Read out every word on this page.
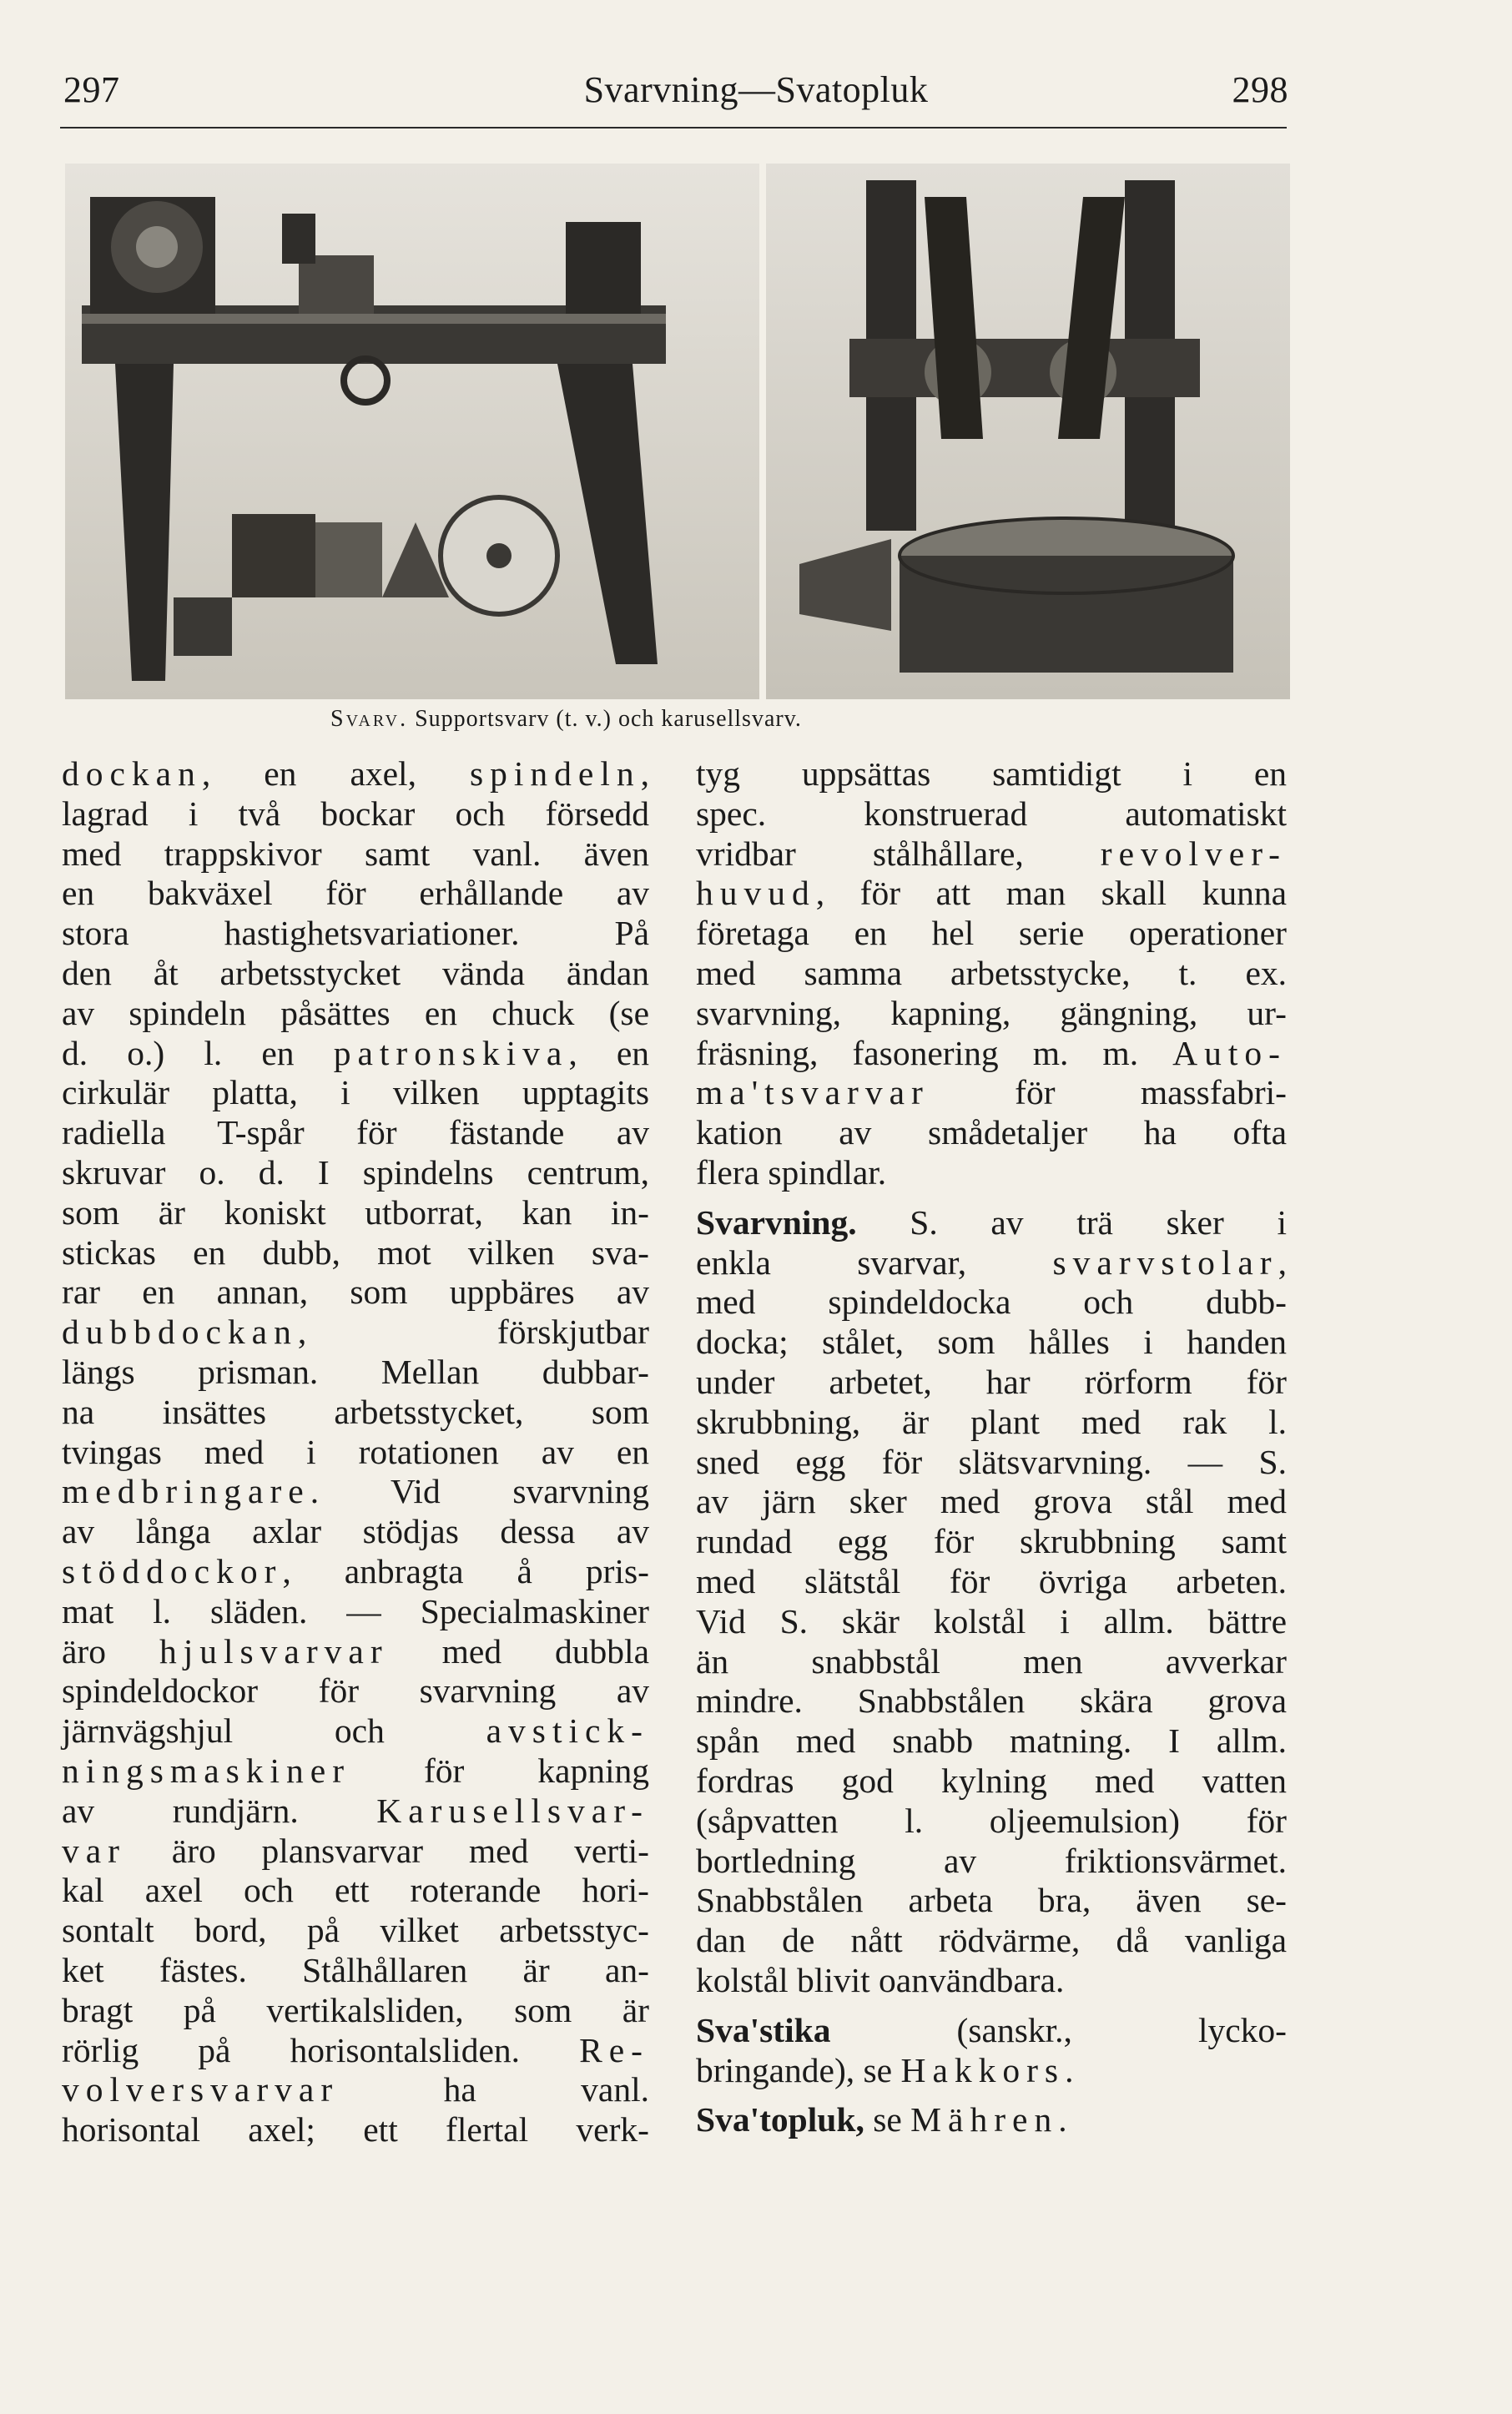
297	Svarvning—Svatopluk	298
Svarv. Supportsvarv (t. v.) och karusellsvarv.
dockan, en axel, spindeln,
lagrad i två bockar och försedd
med trappskivor samt vanl. även
en bakväxel för erhållande av
stora hastighetsvariationer. På
den åt arbetsstycket vända ändan
av spindeln påsättes en chuck (se
d. o.) l. en patronskiva, en
cirkulär platta, i vilken upptagits
radiella T-spår för fästande av
skruvar o. d. I spindelns centrum,
som är koniskt utborrat, kan in-
stickas en dubb, mot vilken sva-
rar en annan, som uppbäres av
dubbdockan, förskjutbar
längs prisman. Mellan dubbar-
na insättes arbetsstycket, som
tvingas med i rotationen av en
medbringare. Vid svarvning
av långa axlar stödjas dessa av
stöddockor, anbragta å pris-
mat l. släden. — Specialmaskiner
äro hjulsvarvar med dubbla
spindeldockor för svarvning av
järnvägshjul och avstick-
ningsmaskiner för kapning
av rundjärn. Karusellsvar-
var äro plansvarvar med verti-
kal axel och ett roterande hori-
sontalt bord, på vilket arbetsstyc-
ket fästes. Stålhållaren är an-
bragt på vertikalsliden, som är
rörlig på horisontalsliden. Re-
volversvarvar ha vanl.
horisontal axel; ett flertal verk-
tyg uppsättas samtidigt i en
spec. konstruerad automatiskt
vridbar stålhållare, revolver-
huvud, för att man skall kunna
företaga en hel serie operationer
med samma arbetsstycke, t. ex.
svarvning, kapning, gängning, ur-
fräsning, fasonering m. m. Auto-
ma'tsvarvar för massfabri-
kation av smådetaljer ha ofta
flera spindlar.
Svarvning. S. av trä sker i
enkla svarvar, svarvstolar,
med spindeldocka och dubb-
docka; stålet, som hålles i handen
under arbetet, har rörform för
skrubbning, är plant med rak l.
sned egg för slätsvarvning. — S.
av järn sker med grova stål med
rundad egg för skrubbning samt
med slätstål för övriga arbeten.
Vid S. skär kolstål i allm. bättre
än snabbstål men avverkar
mindre. Snabbstålen skära grova
spån med snabb matning. I allm.
fordras god kylning med vatten
(såpvatten l. oljeemulsion) för
bortledning av friktionsvärmet.
Snabbstålen arbeta bra, även se-
dan de nått rödvärme, då vanliga
kolstål blivit oanvändbara.
Sva'stika (sanskr., lycko-
bringande), se Hakkors.
Sva'topluk, se Mähren.
